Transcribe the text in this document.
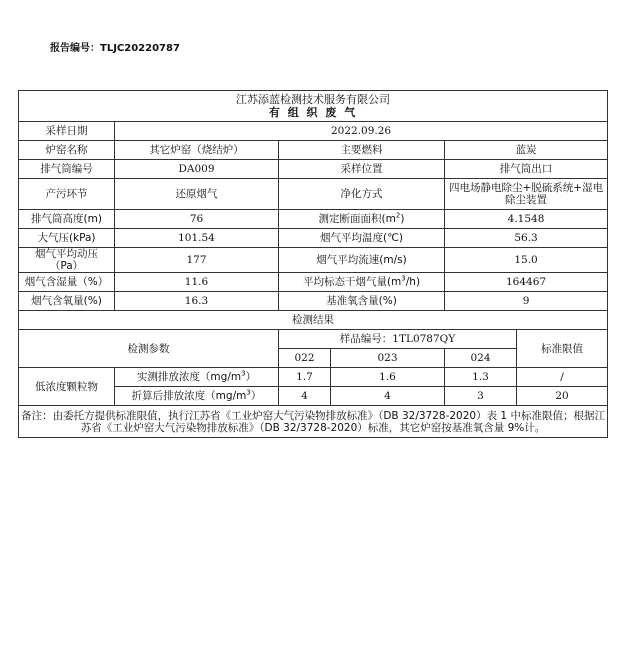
报告编号：TLJC20220787
江苏添蓝检测技术服务有限公司
有 组 织 废 气					

采样日期	2022.09.26				
炉窑名称	其它炉窑（烧结炉）	主要燃料		蓝炭	
排气筒编号	DA009	采样位置		排气筒出口	
产污环节	还原烟气	净化方式		四电场静电除尘+脱硫系统+湿电除尘装置	
排气筒高度(m)	76	测定断面面积$(m^2)$		4.1548	
大气压(kPa)	101.54	烟气平均温度(℃)		56.3	
烟气平均动压（Pa）	177	烟气平均流速(m/s)		15.0	
烟气含湿量（%）	11.6	平均标态干烟气量$(m^3/h)$		164467	
烟气含氧量(%)	16.3	基准氧含量(%)		9	
检测结果					
检测参数		样品编号：1TL0787QY			标准限值
		022	023	024	
低浓度颗粒物	实测排放浓度$(mg/m^3)$	1.7	1.6	1.3	/
	折算后排放浓度$(mg/m^3)$	4	4	3	20
备注：由委托方提供标准限值，执行江苏省《工业炉窑大气污染物排放标准》（DB 32/3728-2020）表 1 中标准限值；根据江苏省《工业炉窑大气污染物排放标准》（DB 32/3728-2020）标准，其它炉窑按基准氧含量 9%计。					
